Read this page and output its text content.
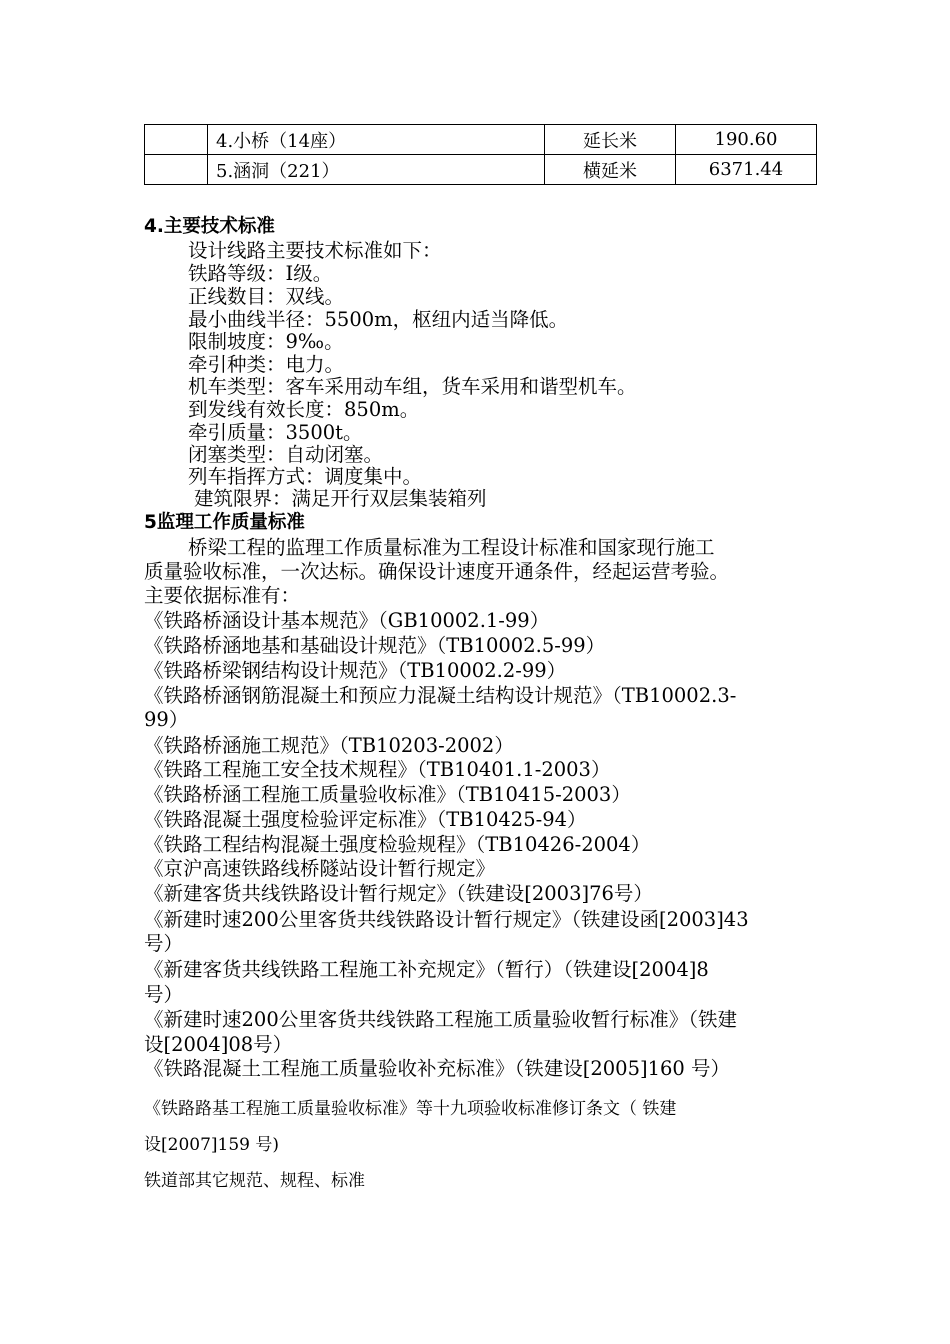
	4.小桥（14座）	延长米	190.60
	5.涵洞（221）	横延米	6371.44
4.主要技术标准
设计线路主要技术标准如下：
铁路等级：Ⅰ级。
正线数目：双线。
最小曲线半径：5500m，枢纽内适当降低。
限制坡度：9‰。
牵引种类：电力。
机车类型：客车采用动车组，货车采用和谐型机车。
到发线有效长度：850m。
牵引质量：3500t。
闭塞类型：自动闭塞。
列车指挥方式：调度集中。
建筑限界：满足开行双层集装箱列
5监理工作质量标准
桥梁工程的监理工作质量标准为工程设计标准和国家现行施工
质量验收标准，一次达标。确保设计速度开通条件，经起运营考验。
主要依据标准有：
《铁路桥涵设计基本规范》（GB10002.1-99）
《铁路桥涵地基和基础设计规范》（TB10002.5-99）
《铁路桥梁钢结构设计规范》（TB10002.2-99）
《铁路桥涵钢筋混凝土和预应力混凝土结构设计规范》（TB10002.3-
99）
《铁路桥涵施工规范》（TB10203-2002）
《铁路工程施工安全技术规程》（TB10401.1-2003）
《铁路桥涵工程施工质量验收标准》（TB10415-2003）
《铁路混凝土强度检验评定标准》（TB10425-94）
《铁路工程结构混凝土强度检验规程》（TB10426-2004）
《京沪高速铁路线桥隧站设计暂行规定》
《新建客货共线铁路设计暂行规定》（铁建设[2003]76号）
《新建时速200公里客货共线铁路设计暂行规定》（铁建设函[2003]43
号）
《新建客货共线铁路工程施工补充规定》（暂行）（铁建设[2004]8
号）
《新建时速200公里客货共线铁路工程施工质量验收暂行标准》（铁建
设[2004]08号）
《铁路混凝土工程施工质量验收补充标准》（铁建设[2005]160 号）
《铁路路基工程施工质量验收标准》等十九项验收标准修订条文（ 铁建
设[2007]159 号)
铁道部其它规范、规程、标准
